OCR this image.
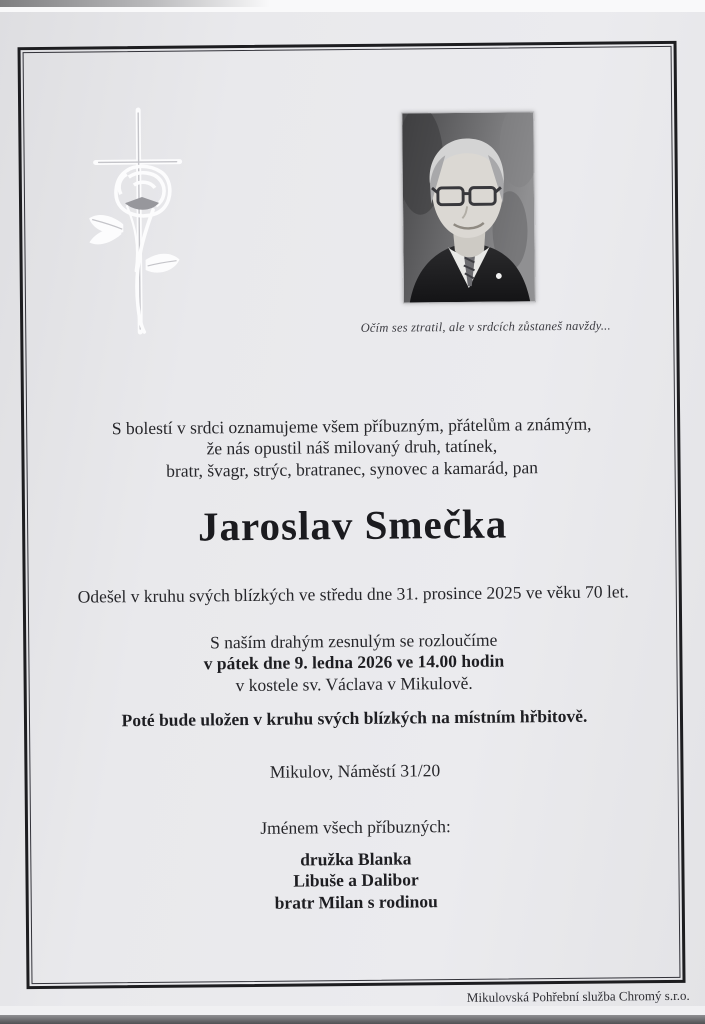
Očím ses ztratil, ale v srdcích zůstaneš navždy...
S bolestí v srdci oznamujeme všem příbuzným, přátelům a známým,
že nás opustil náš milovaný druh, tatínek,
bratr, švagr, strýc, bratranec, synovec a kamarád, pan
Jaroslav Smečka
Odešel v kruhu svých blízkých ve středu dne 31. prosince 2025 ve věku 70 let.
S naším drahým zesnulým se rozloučíme
v pátek dne 9. ledna 2026 ve 14.00 hodin
v kostele sv. Václava v Mikulově.
Poté bude uložen v kruhu svých blízkých na místním hřbitově.
Mikulov, Náměstí 31/20
Jménem všech příbuzných:
družka Blanka
Libuše a Dalibor
bratr Milan s rodinou
Mikulovská Pohřební služba Chromý s.r.o.
